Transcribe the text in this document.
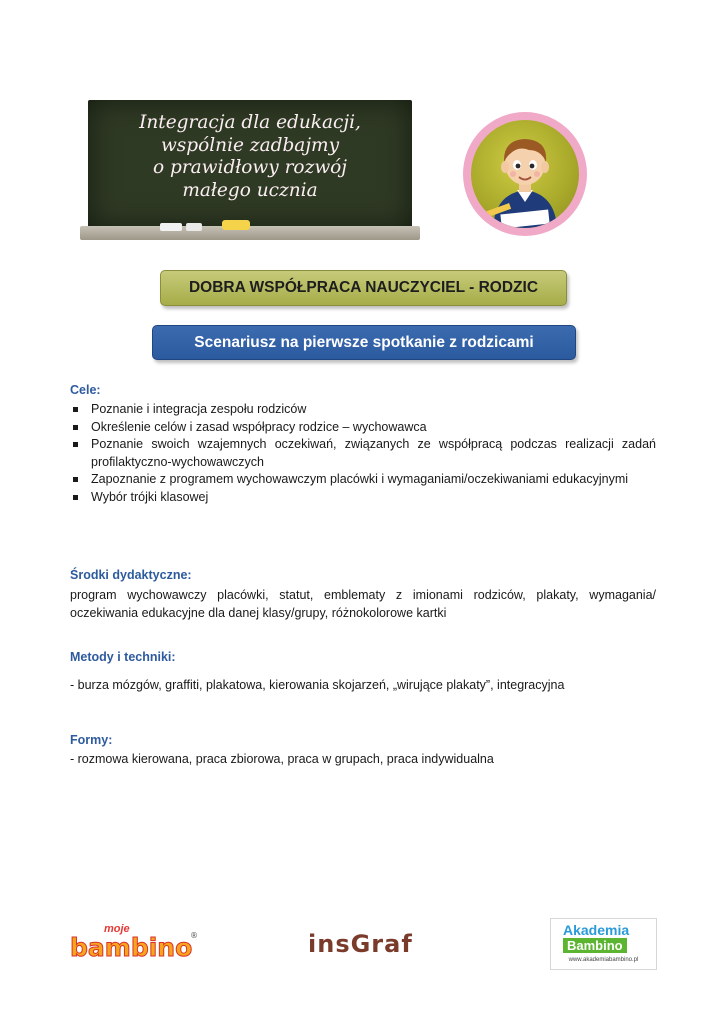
Integracja dla edukacji,
wspólnie zadbajmy
o prawidłowy rozwój
małego ucznia
DOBRA WSPÓŁPRACA NAUCZYCIEL - RODZIC
Scenariusz na pierwsze spotkanie z rodzicami
Cele:
Poznanie i integracja zespołu rodziców
Określenie celów i zasad współpracy rodzice – wychowawca
Poznanie swoich wzajemnych oczekiwań, związanych ze współpracą podczas realizacji zadań profilaktyczno-wychowawczych
Zapoznanie z programem wychowawczym placówki i wymaganiami/oczekiwaniami edukacyjnymi
Wybór trójki klasowej
Środki dydaktyczne:
program wychowawczy placówki, statut, emblematy z imionami rodziców, plakaty, wymagania/ oczekiwania edukacyjne dla danej klasy/grupy, różnokolorowe kartki
Metody i techniki:
- burza mózgów, graffiti, plakatowa, kierowania skojarzeń, „wirujące plakaty”, integracyjna
Formy:
- rozmowa kierowana, praca zbiorowa, praca w grupach, praca indywidualna
moje
bambino
®	insGraf	Akademia
Bambino
www.akademiabambino.pl
